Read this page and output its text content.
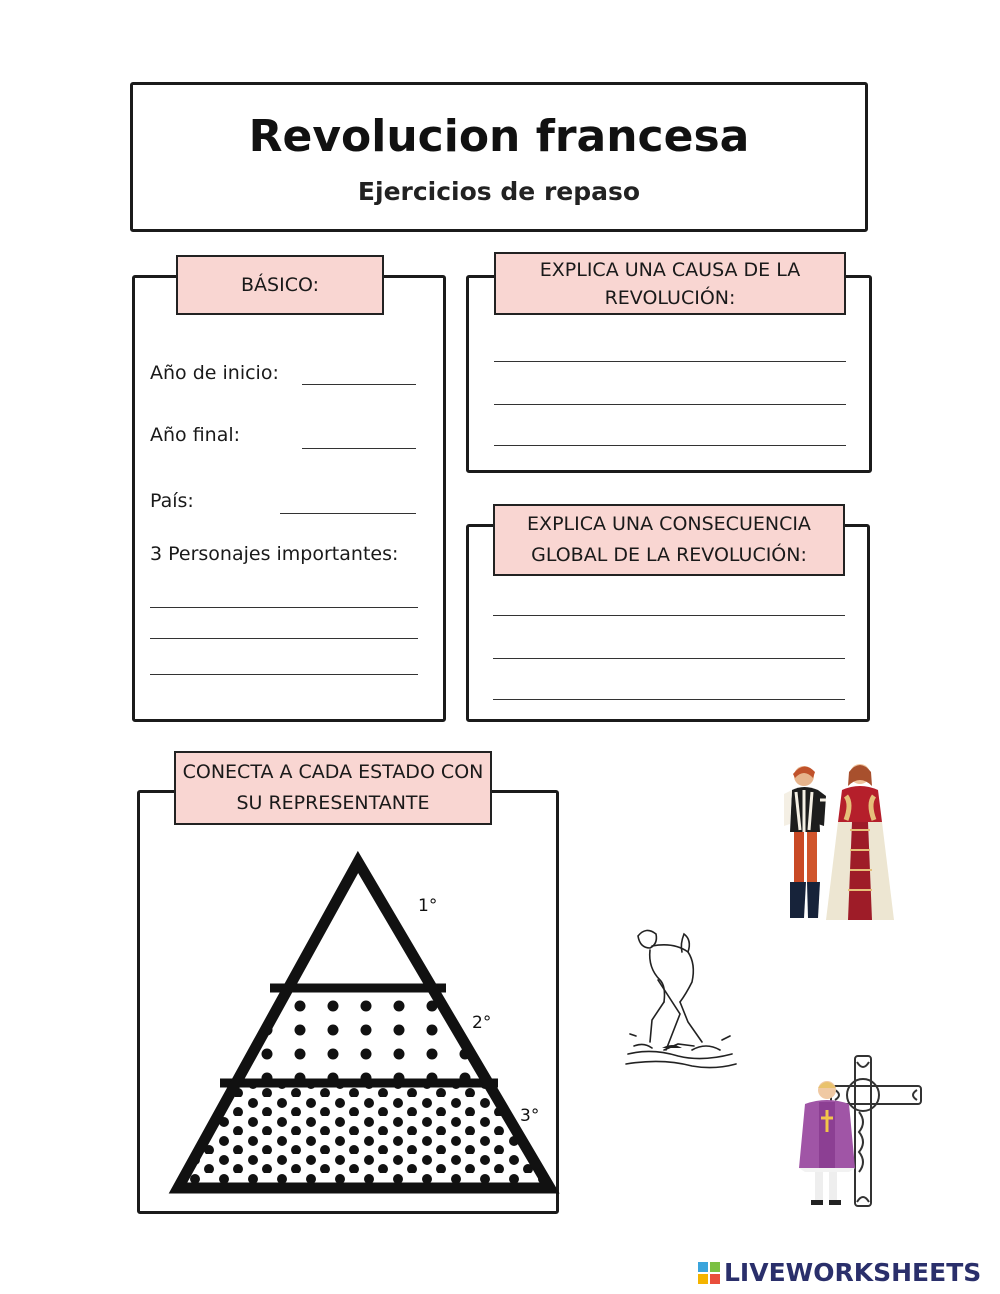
Revolucion francesa
Ejercicios de repaso
BÁSICO:
Año de inicio:
Año final:
País:
3 Personajes importantes:
EXPLICA UNA CAUSA DE LA
REVOLUCIÓN:
EXPLICA UNA CONSECUENCIA
GLOBAL DE LA REVOLUCIÓN:
CONECTA A CADA ESTADO CON
SU REPRESENTANTE
1°
2°
3°
LIVEWORKSHEETS
